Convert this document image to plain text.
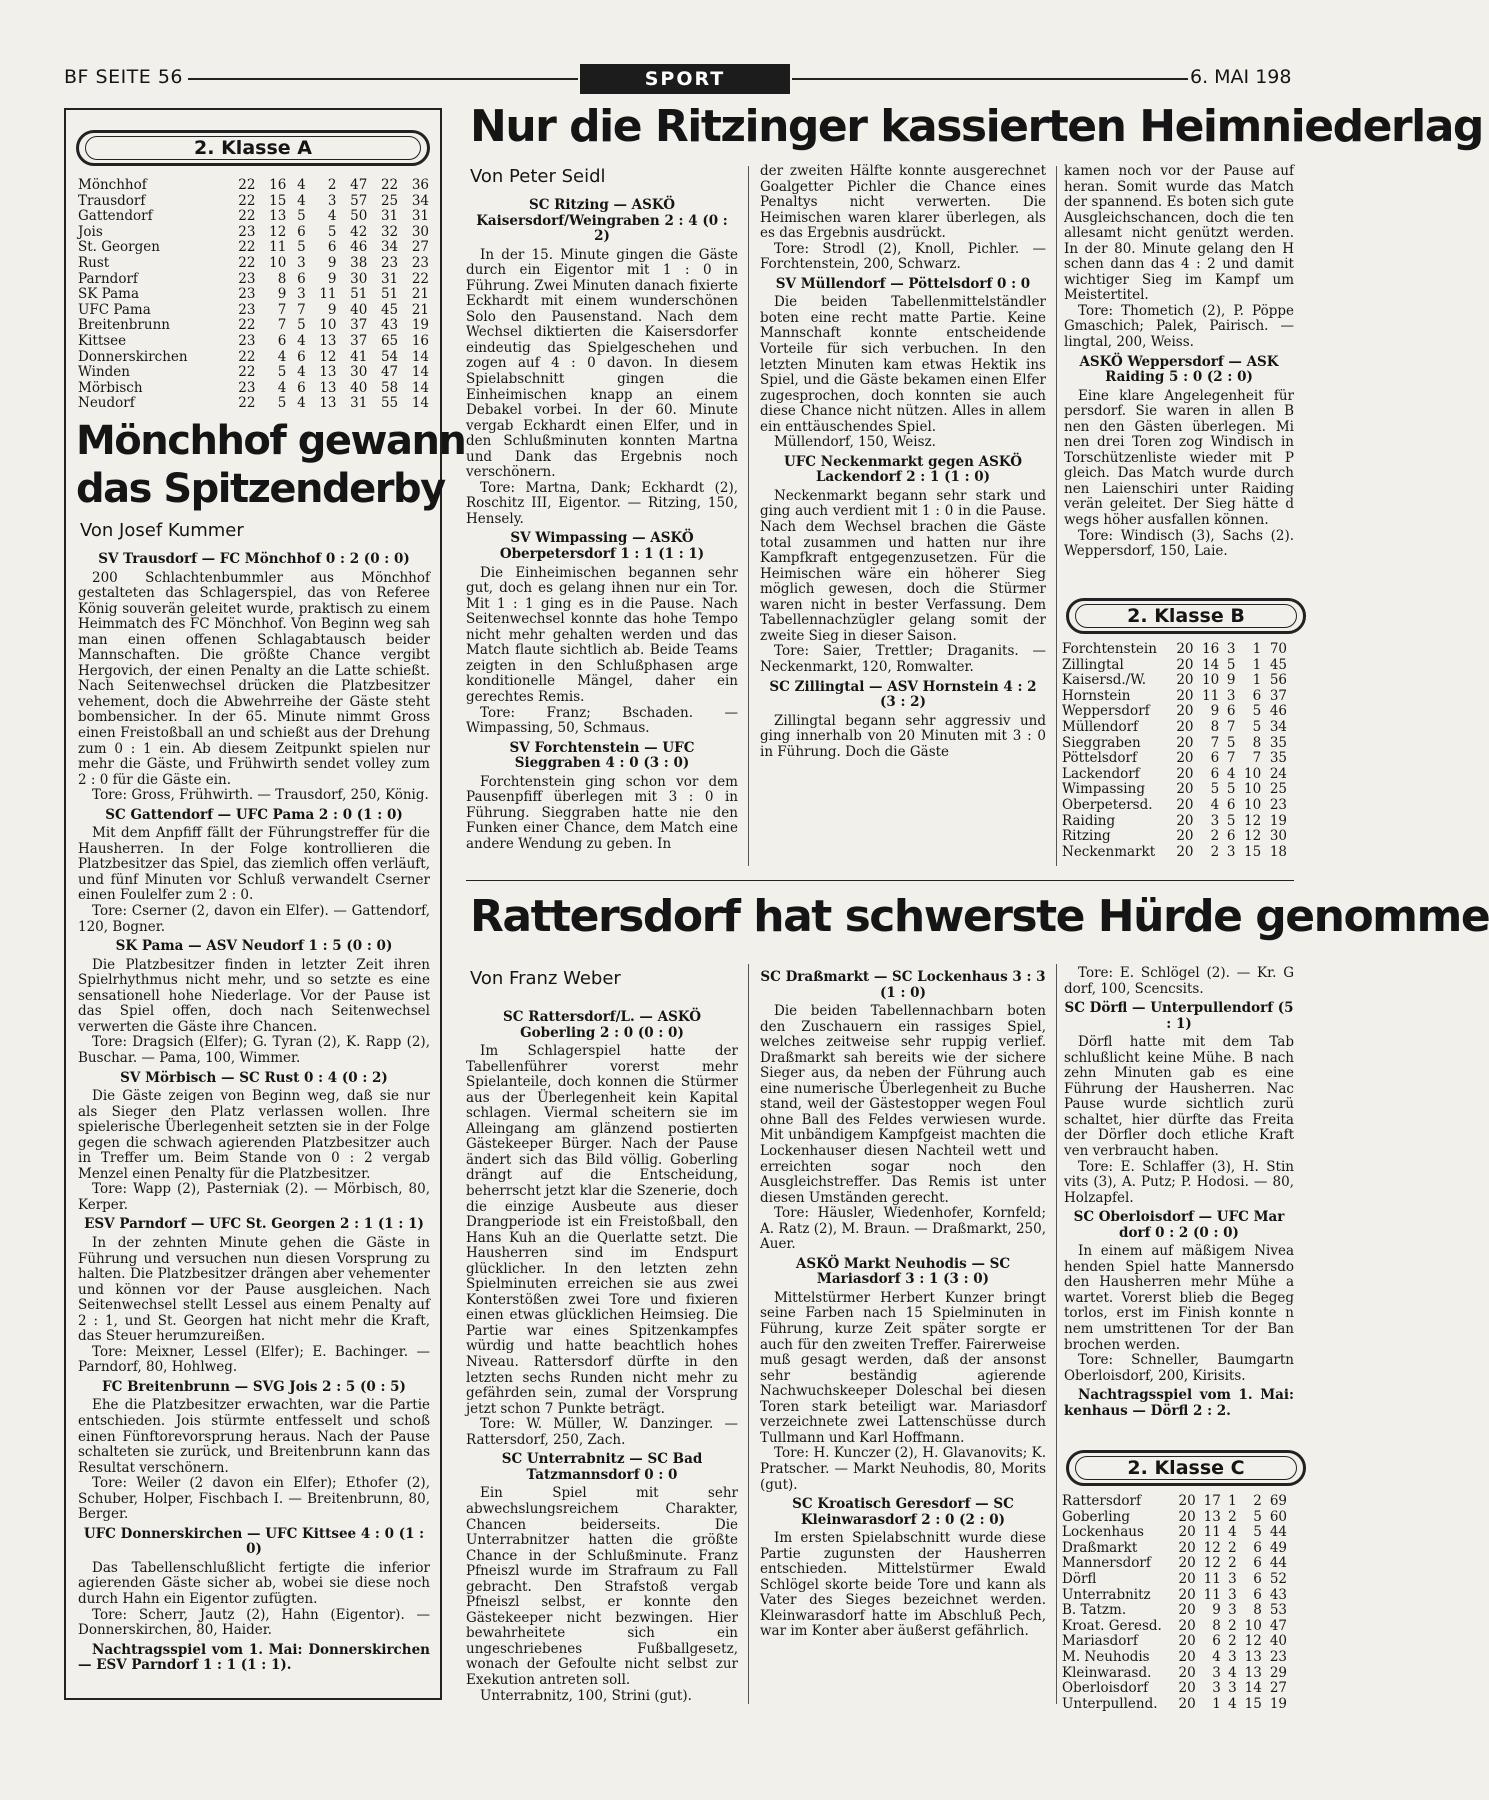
BF SEITE 56	SPORT	6. MAI 198
2. Klasse A
Mönchhof	22	16	4	2	47	22	36
Trausdorf	22	15	4	3	57	25	34
Gattendorf	22	13	5	4	50	31	31
Jois	23	12	6	5	42	32	30
St. Georgen	22	11	5	6	46	34	27
Rust	22	10	3	9	38	23	23
Parndorf	23	8	6	9	30	31	22
SK Pama	23	9	3	11	51	51	21
UFC Pama	23	7	7	9	40	45	21
Breitenbrunn	22	7	5	10	37	43	19
Kittsee	23	6	4	13	37	65	16
Donnerskirchen	22	4	6	12	41	54	14
Winden	22	5	4	13	30	47	14
Mörbisch	23	4	6	13	40	58	14
Neudorf	22	5	4	13	31	55	14
Mönchhof gewann
das Spitzenderby
Von Josef Kummer
SV Trausdorf — FC Mönchhof 0 : 2 (0 : 0)

200 Schlachtenbummler aus Mönchhof gestalteten das Schlagerspiel, das von Referee König souverän geleitet wurde, praktisch zu einem Heimmatch des FC Mönchhof. Von Beginn weg sah man einen offenen Schlagabtausch beider Mannschaften. Die größte Chance vergibt Hergovich, der einen Penalty an die Latte schießt. Nach Seitenwechsel drücken die Platzbesitzer vehement, doch die Abwehrreihe der Gäste steht bombensicher. In der 65. Minute nimmt Gross einen Freistoßball an und schießt aus der Drehung zum 0 : 1 ein. Ab diesem Zeitpunkt spielen nur mehr die Gäste, und Frühwirth sendet volley zum 2 : 0 für die Gäste ein.

Tore: Gross, Frühwirth. — Trausdorf, 250, König.

SC Gattendorf — UFC Pama 2 : 0 (1 : 0)

Mit dem Anpfiff fällt der Führungstreffer für die Hausherren. In der Folge kontrollieren die Platzbesitzer das Spiel, das ziemlich offen verläuft, und fünf Minuten vor Schluß verwandelt Cserner einen Foulelfer zum 2 : 0.

Tore: Cserner (2, davon ein Elfer). — Gattendorf, 120, Bogner.

SK Pama — ASV Neudorf 1 : 5 (0 : 0)

Die Platzbesitzer finden in letzter Zeit ihren Spielrhythmus nicht mehr, und so setzte es eine sensationell hohe Niederlage. Vor der Pause ist das Spiel offen, doch nach Seitenwechsel verwerten die Gäste ihre Chancen.

Tore: Dragsich (Elfer); G. Tyran (2), K. Rapp (2), Buschar. — Pama, 100, Wimmer.

SV Mörbisch — SC Rust 0 : 4 (0 : 2)

Die Gäste zeigen von Beginn weg, daß sie nur als Sieger den Platz verlassen wollen. Ihre spielerische Überlegenheit setzten sie in der Folge gegen die schwach agierenden Platzbesitzer auch in Treffer um. Beim Stande von 0 : 2 vergab Menzel einen Penalty für die Platzbesitzer.

Tore: Wapp (2), Pasterniak (2). — Mörbisch, 80, Kerper.

ESV Parndorf — UFC St. Georgen 2 : 1 (1 : 1)

In der zehnten Minute gehen die Gäste in Führung und versuchen nun diesen Vorsprung zu halten. Die Platzbesitzer drängen aber vehementer und können vor der Pause ausgleichen. Nach Seitenwechsel stellt Lessel aus einem Penalty auf 2 : 1, und St. Georgen hat nicht mehr die Kraft, das Steuer herumzureißen.

Tore: Meixner, Lessel (Elfer); E. Bachinger. — Parndorf, 80, Hohlweg.

FC Breitenbrunn — SVG Jois 2 : 5 (0 : 5)

Ehe die Platzbesitzer erwachten, war die Partie entschieden. Jois stürmte entfesselt und schoß einen Fünftorevorsprung heraus. Nach der Pause schalteten sie zurück, und Breitenbrunn kann das Resultat verschönern.

Tore: Weiler (2 davon ein Elfer); Ethofer (2), Schuber, Holper, Fischbach I. — Breitenbrunn, 80, Berger.

UFC Donnerskirchen — UFC Kittsee 4 : 0 (1 : 0)

Das Tabellenschlußlicht fertigte die inferior agierenden Gäste sicher ab, wobei sie diese noch durch Hahn ein Eigentor zufügten.

Tore: Scherr, Jautz (2), Hahn (Eigentor). — Donnerskirchen, 80, Haider.

Nachtragsspiel vom 1. Mai: Donnerskirchen — ESV Parndorf 1 : 1 (1 : 1).

Nur die Ritzinger kassierten Heimniederlag
Von Peter Seidl
SC Ritzing — ASKÖ Kaisersdorf/Weingraben 2 : 4 (0 : 2)

In der 15. Minute gingen die Gäste durch ein Eigentor mit 1 : 0 in Führung. Zwei Minuten danach fixierte Eckhardt mit einem wunderschönen Solo den Pausenstand. Nach dem Wechsel diktierten die Kaisersdorfer eindeutig das Spielgeschehen und zogen auf 4 : 0 davon. In diesem Spielabschnitt gingen die Einheimischen knapp an einem Debakel vorbei. In der 60. Minute vergab Eckhardt einen Elfer, und in den Schlußminuten konnten Martna und Dank das Ergebnis noch verschönern.

Tore: Martna, Dank; Eckhardt (2), Roschitz III, Eigentor. — Ritzing, 150, Hensely.

SV Wimpassing — ASKÖ Oberpetersdorf 1 : 1 (1 : 1)

Die Einheimischen begannen sehr gut, doch es gelang ihnen nur ein Tor. Mit 1 : 1 ging es in die Pause. Nach Seitenwechsel konnte das hohe Tempo nicht mehr gehalten werden und das Match flaute sichtlich ab. Beide Teams zeigten in den Schlußphasen arge konditionelle Mängel, daher ein gerechtes Remis.

Tore: Franz; Bschaden. — Wimpassing, 50, Schmaus.

SV Forchtenstein — UFC Sieggraben 4 : 0 (3 : 0)

Forchtenstein ging schon vor dem Pausenpfiff überlegen mit 3 : 0 in Führung. Sieggraben hatte nie den Funken einer Chance, dem Match eine andere Wendung zu geben. In

der zweiten Hälfte konnte ausgerechnet Goalgetter Pichler die Chance eines Penaltys nicht verwerten. Die Heimischen waren klarer überlegen, als es das Ergebnis ausdrückt.

Tore: Strodl (2), Knoll, Pichler. — Forchtenstein, 200, Schwarz.

SV Müllendorf — Pöttelsdorf 0 : 0

Die beiden Tabellenmittelständler boten eine recht matte Partie. Keine Mannschaft konnte entscheidende Vorteile für sich verbuchen. In den letzten Minuten kam etwas Hektik ins Spiel, und die Gäste bekamen einen Elfer zugesprochen, doch konnten sie auch diese Chance nicht nützen. Alles in allem ein enttäuschendes Spiel.

Müllendorf, 150, Weisz.

UFC Neckenmarkt gegen ASKÖ Lackendorf 2 : 1 (1 : 0)

Neckenmarkt begann sehr stark und ging auch verdient mit 1 : 0 in die Pause. Nach dem Wechsel brachen die Gäste total zusammen und hatten nur ihre Kampfkraft entgegenzusetzen. Für die Heimischen wäre ein höherer Sieg möglich gewesen, doch die Stürmer waren nicht in bester Verfassung. Dem Tabellennachzügler gelang somit der zweite Sieg in dieser Saison.

Tore: Saier, Trettler; Draganits. — Neckenmarkt, 120, Romwalter.

SC Zillingtal — ASV Hornstein 4 : 2 (3 : 2)

Zillingtal begann sehr aggressiv und ging innerhalb von 20 Minuten mit 3 : 0 in Führung. Doch die Gäste

kamen noch vor der Pause auf heran. Somit wurde das Match der spannend. Es boten sich gute Ausgleichschancen, doch die ten allesamt nicht genützt werden. In der 80. Minute gelang den H schen dann das 4 : 2 und damit wichtiger Sieg im Kampf um Meistertitel.

Tore: Thometich (2), P. Pöppe Gmaschich; Palek, Pairisch. — lingtal, 200, Weiss.

ASKÖ Weppersdorf — ASK Raiding 5 : 0 (2 : 0)

Eine klare Angelegenheit für persdorf. Sie waren in allen B nen den Gästen überlegen. Mi nen drei Toren zog Windisch in Torschützenliste wieder mit P gleich. Das Match wurde durch nen Laienschiri unter Raiding verän geleitet. Der Sieg hätte d wegs höher ausfallen können.

Tore: Windisch (3), Sachs (2). Weppersdorf, 150, Laie.

2. Klasse B
Forchtenstein	20	16	3	1	70
Zillingtal	20	14	5	1	45
Kaisersd./W.	20	10	9	1	56
Hornstein	20	11	3	6	37
Weppersdorf	20	9	6	5	46
Müllendorf	20	8	7	5	34
Sieggraben	20	7	5	8	35
Pöttelsdorf	20	6	7	7	35
Lackendorf	20	6	4	10	24
Wimpassing	20	5	5	10	25
Oberpetersd.	20	4	6	10	23
Raiding	20	3	5	12	19
Ritzing	20	2	6	12	30
Neckenmarkt	20	2	3	15	18
Rattersdorf hat schwerste Hürde genomme
Von Franz Weber
SC Rattersdorf/L. — ASKÖ Goberling 2 : 0 (0 : 0)

Im Schlagerspiel hatte der Tabellenführer vorerst mehr Spielanteile, doch konnen die Stürmer aus der Überlegenheit kein Kapital schlagen. Viermal scheitern sie im Alleingang am glänzend postierten Gästekeeper Bürger. Nach der Pause ändert sich das Bild völlig. Goberling drängt auf die Entscheidung, beherrscht jetzt klar die Szenerie, doch die einzige Ausbeute aus dieser Drangperiode ist ein Freistoßball, den Hans Kuh an die Querlatte setzt. Die Hausherren sind im Endspurt glücklicher. In den letzten zehn Spielminuten erreichen sie aus zwei Konterstößen zwei Tore und fixieren einen etwas glücklichen Heimsieg. Die Partie war eines Spitzenkampfes würdig und hatte beachtlich hohes Niveau. Rattersdorf dürfte in den letzten sechs Runden nicht mehr zu gefährden sein, zumal der Vorsprung jetzt schon 7 Punkte beträgt.

Tore: W. Müller, W. Danzinger. — Rattersdorf, 250, Zach.

SC Unterrabnitz — SC Bad Tatzmannsdorf 0 : 0

Ein Spiel mit sehr abwechslungsreichem Charakter, Chancen beiderseits. Die Unterrabnitzer hatten die größte Chance in der Schlußminute. Franz Pfneiszl wurde im Strafraum zu Fall gebracht. Den Strafstoß vergab Pfneiszl selbst, er konnte den Gästekeeper nicht bezwingen. Hier bewahrheitete sich ein ungeschriebenes Fußballgesetz, wonach der Gefoulte nicht selbst zur Exekution antreten soll.

Unterrabnitz, 100, Strini (gut).

SC Draßmarkt — SC Lockenhaus 3 : 3 (1 : 0)

Die beiden Tabellennachbarn boten den Zuschauern ein rassiges Spiel, welches zeitweise sehr ruppig verlief. Draßmarkt sah bereits wie der sichere Sieger aus, da neben der Führung auch eine numerische Überlegenheit zu Buche stand, weil der Gästestopper wegen Foul ohne Ball des Feldes verwiesen wurde. Mit unbändigem Kampfgeist machten die Lockenhauser diesen Nachteil wett und erreichten sogar noch den Ausgleichstreffer. Das Remis ist unter diesen Umständen gerecht.

Tore: Häusler, Wiedenhofer, Kornfeld; A. Ratz (2), M. Braun. — Draßmarkt, 250, Auer.

ASKÖ Markt Neuhodis — SC Mariasdorf 3 : 1 (3 : 0)

Mittelstürmer Herbert Kunzer bringt seine Farben nach 15 Spielminuten in Führung, kurze Zeit später sorgte er auch für den zweiten Treffer. Fairerweise muß gesagt werden, daß der ansonst sehr beständig agierende Nachwuchskeeper Doleschal bei diesen Toren stark beteiligt war. Mariasdorf verzeichnete zwei Lattenschüsse durch Tullmann und Karl Hoffmann.

Tore: H. Kunczer (2), H. Glavanovits; K. Pratscher. — Markt Neuhodis, 80, Morits (gut).

SC Kroatisch Geresdorf — SC Kleinwarasdorf 2 : 0 (2 : 0)

Im ersten Spielabschnitt wurde diese Partie zugunsten der Hausherren entschieden. Mittelstürmer Ewald Schlögel skorte beide Tore und kann als Vater des Sieges bezeichnet werden. Kleinwarasdorf hatte im Abschluß Pech, war im Konter aber äußerst gefährlich.

Tore: E. Schlögel (2). — Kr. G dorf, 100, Scencsits.

SC Dörfl — Unterpullendorf (5 : 1)

Dörfl hatte mit dem Tab schlußlicht keine Mühe. B nach zehn Minuten gab es eine Führung der Hausherren. Nac Pause wurde sichtlich zurü schaltet, hier dürfte das Freita der Dörfler doch etliche Kraft ven verbraucht haben.

Tore: E. Schlaffer (3), H. Stin vits (3), A. Putz; P. Hodosi. — 80, Holzapfel.

SC Oberloisdorf — UFC Mar dorf 0 : 2 (0 : 0)

In einem auf mäßigem Nivea henden Spiel hatte Mannersdo den Hausherren mehr Mühe a wartet. Vorerst blieb die Begeg torlos, erst im Finish konnte n nem umstrittenen Tor der Ban brochen werden.

Tore: Schneller, Baumgartn Oberloisdorf, 200, Kirisits.

Nachtragsspiel vom 1. Mai: kenhaus — Dörfl 2 : 2.

2. Klasse C
Rattersdorf	20	17	1	2	69
Goberling	20	13	2	5	60
Lockenhaus	20	11	4	5	44
Draßmarkt	20	12	2	6	49
Mannersdorf	20	12	2	6	44
Dörfl	20	11	3	6	52
Unterrabnitz	20	11	3	6	43
B. Tatzm.	20	9	3	8	53
Kroat. Geresd.	20	8	2	10	47
Mariasdorf	20	6	2	12	40
M. Neuhodis	20	4	3	13	23
Kleinwarasd.	20	3	4	13	29
Oberloisdorf	20	3	3	14	27
Unterpullend.	20	1	4	15	19
